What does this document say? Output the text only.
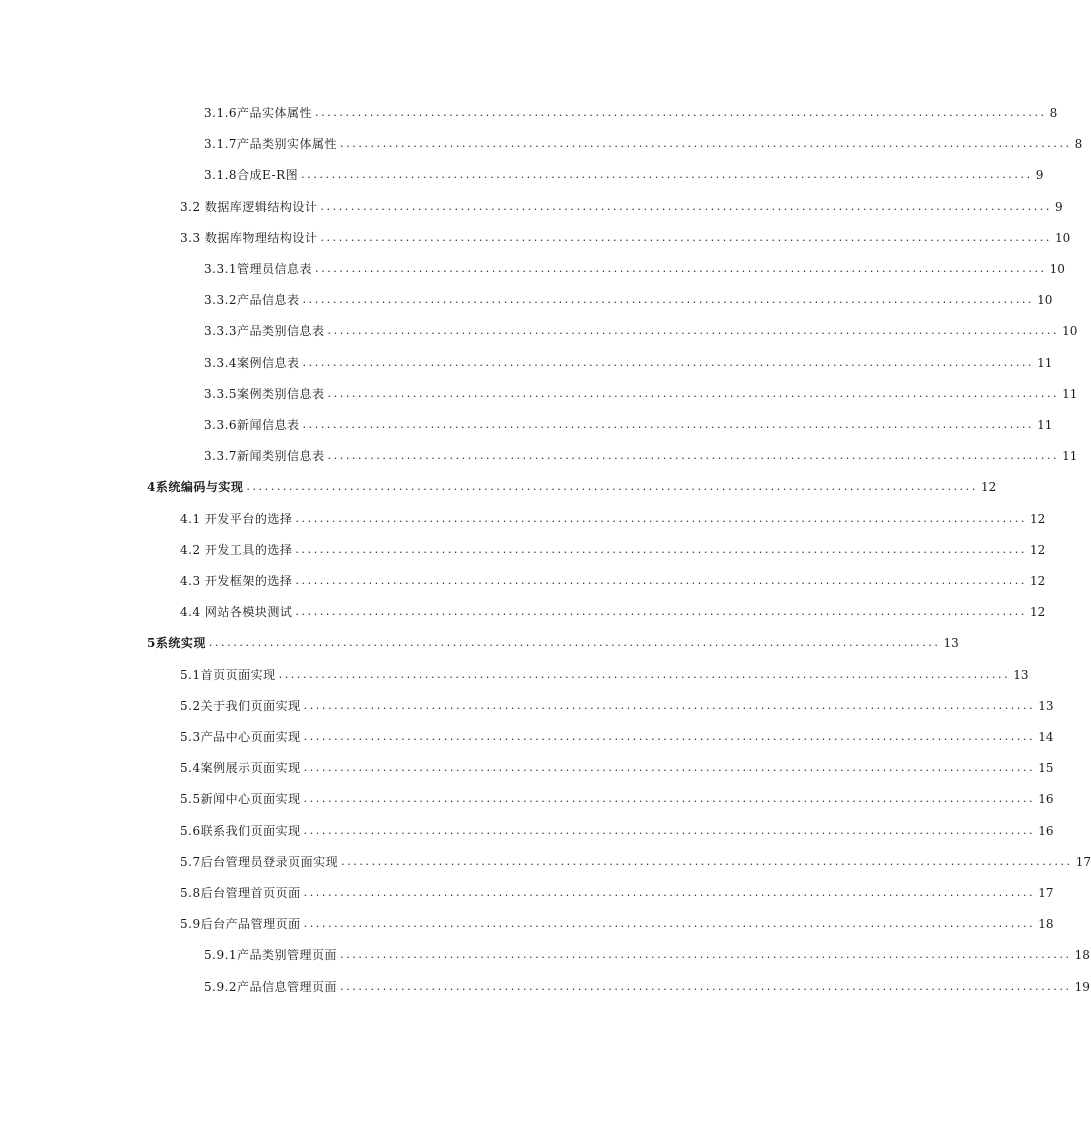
3.1.6产品实体属性 ........................................................................................................................ 8
3.1.7产品类别实体属性 ........................................................................................................................ 8
3.1.8合成E-R图 ........................................................................................................................ 9
3.2 数据库逻辑结构设计 ........................................................................................................................ 9
3.3 数据库物理结构设计 ........................................................................................................................ 10
3.3.1管理员信息表 ........................................................................................................................ 10
3.3.2产品信息表 ........................................................................................................................ 10
3.3.3产品类别信息表 ........................................................................................................................ 10
3.3.4案例信息表 ........................................................................................................................ 11
3.3.5案例类别信息表 ........................................................................................................................ 11
3.3.6新闻信息表 ........................................................................................................................ 11
3.3.7新闻类别信息表 ........................................................................................................................ 11
4系统编码与实现 ........................................................................................................................ 12
4.1 开发平台的选择 ........................................................................................................................ 12
4.2 开发工具的选择 ........................................................................................................................ 12
4.3 开发框架的选择 ........................................................................................................................ 12
4.4 网站各模块测试 ........................................................................................................................ 12
5系统实现 ........................................................................................................................ 13
5.1首页页面实现 ........................................................................................................................ 13
5.2关于我们页面实现 ........................................................................................................................ 13
5.3产品中心页面实现 ........................................................................................................................ 14
5.4案例展示页面实现 ........................................................................................................................ 15
5.5新闻中心页面实现 ........................................................................................................................ 16
5.6联系我们页面实现 ........................................................................................................................ 16
5.7后台管理员登录页面实现 ........................................................................................................................ 17
5.8后台管理首页页面 ........................................................................................................................ 17
5.9后台产品管理页面 ........................................................................................................................ 18
5.9.1产品类别管理页面 ........................................................................................................................ 18
5.9.2产品信息管理页面 ........................................................................................................................ 19
